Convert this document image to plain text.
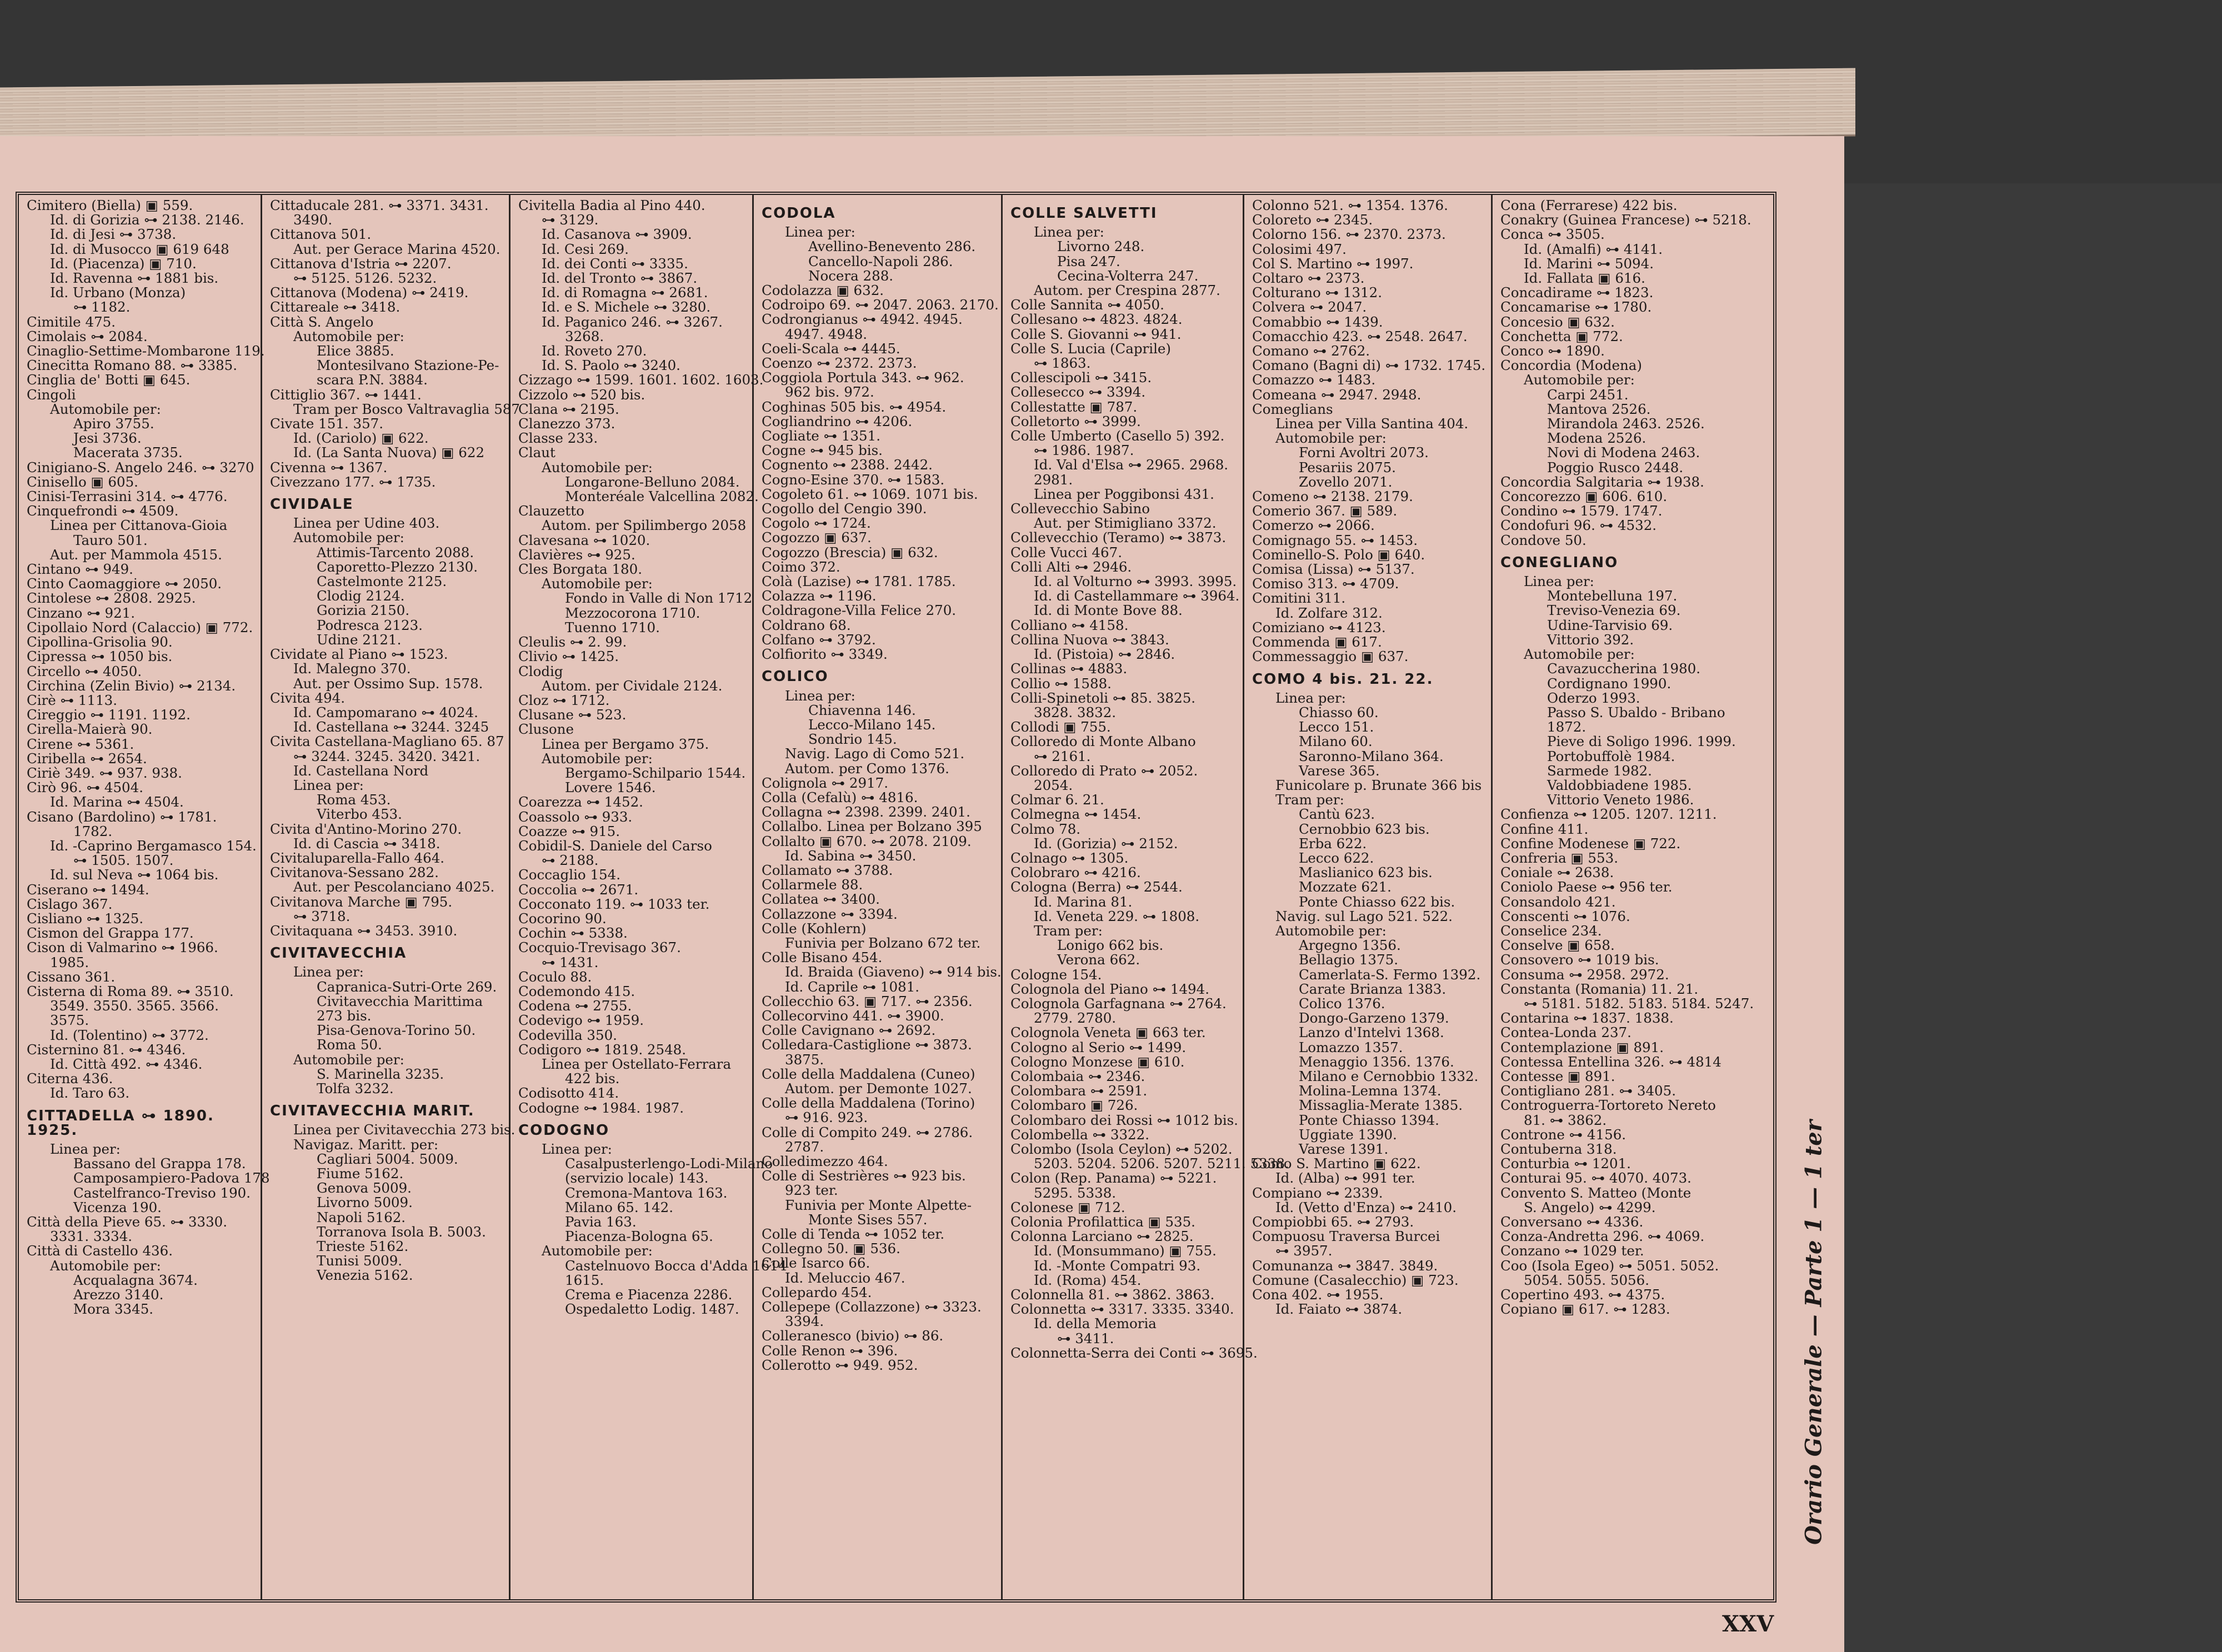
Cimitero (Biella) ▣ 559.
Id. di Gorizia ⊶ 2138. 2146.
Id. di Jesi ⊶ 3738.
Id. di Musocco ▣ 619 648
Id. (Piacenza) ▣ 710.
Id. Ravenna ⊶ 1881 bis.
Id. Urbano (Monza)
⊶ 1182.
Cimitile 475.
Cimolais ⊶ 2084.
Cinaglio-Settime-Mombarone 119.
Cinecitta Romano 88. ⊶ 3385.
Cinglia de' Botti ▣ 645.
Cingoli
Automobile per:
Apiro 3755.
Jesi 3736.
Macerata 3735.
Cinigiano-S. Angelo 246. ⊶ 3270
Cinisello ▣ 605.
Cinisi-Terrasini 314. ⊶ 4776.
Cinquefrondi ⊶ 4509.
Linea per Cittanova-Gioia
Tauro 501.
Aut. per Mammola 4515.
Cintano ⊶ 949.
Cinto Caomaggiore ⊶ 2050.
Cintolese ⊶ 2808. 2925.
Cinzano ⊶ 921.
Cipollaio Nord (Calaccio) ▣ 772.
Cipollina-Grisolia 90.
Cipressa ⊶ 1050 bis.
Circello ⊶ 4050.
Circhina (Zelin Bivio) ⊶ 2134.
Cirè ⊶ 1113.
Cireggio ⊶ 1191. 1192.
Cirella-Maierà 90.
Cirene ⊶ 5361.
Ciribella ⊶ 2654.
Ciriè 349. ⊶ 937. 938.
Cirò 96. ⊶ 4504.
Id. Marina ⊶ 4504.
Cisano (Bardolino) ⊶ 1781.
1782.
Id. -Caprino Bergamasco 154.
⊶ 1505. 1507.
Id. sul Neva ⊶ 1064 bis.
Ciserano ⊶ 1494.
Cislago 367.
Cisliano ⊶ 1325.
Cismon del Grappa 177.
Cison di Valmarino ⊶ 1966.
1985.
Cissano 361.
Cisterna di Roma 89. ⊶ 3510.
3549. 3550. 3565. 3566.
3575.
Id. (Tolentino) ⊶ 3772.
Cisternino 81. ⊶ 4346.
Id. Città 492. ⊶ 4346.
Citerna 436.
Id. Taro 63.
CITTADELLA ⊶ 1890. 1925.
Linea per:
Bassano del Grappa 178.
Camposampiero-Padova 178
Castelfranco-Treviso 190.
Vicenza 190.
Città della Pieve 65. ⊶ 3330.
3331. 3334.
Città di Castello 436.
Automobile per:
Acqualagna 3674.
Arezzo 3140.
Mora 3345.
Cittaducale 281. ⊶ 3371. 3431.
3490.
Cittanova 501.
Aut. per Gerace Marina 4520.
Cittanova d'Istria ⊶ 2207.
⊶ 5125. 5126. 5232.
Cittanova (Modena) ⊶ 2419.
Cittareale ⊶ 3418.
Città S. Angelo
Automobile per:
Elice 3885.
Montesilvano Stazione-Pe-
scara P.N. 3884.
Cittiglio 367. ⊶ 1441.
Tram per Bosco Valtravaglia 587
Civate 151. 357.
Id. (Cariolo) ▣ 622.
Id. (La Santa Nuova) ▣ 622
Civenna ⊶ 1367.
Civezzano 177. ⊶ 1735.
CIVIDALE
Linea per Udine 403.
Automobile per:
Attimis-Tarcento 2088.
Caporetto-Plezzo 2130.
Castelmonte 2125.
Clodig 2124.
Gorizia 2150.
Podresca 2123.
Udine 2121.
Cividate al Piano ⊶ 1523.
Id. Malegno 370.
Aut. per Ossimo Sup. 1578.
Civita 494.
Id. Campomarano ⊶ 4024.
Id. Castellana ⊶ 3244. 3245
Civita Castellana-Magliano 65. 87
⊶ 3244. 3245. 3420. 3421.
Id. Castellana Nord
Linea per:
Roma 453.
Viterbo 453.
Civita d'Antino-Morino 270.
Id. di Cascia ⊶ 3418.
Civitaluparella-Fallo 464.
Civitanova-Sessano 282.
Aut. per Pescolanciano 4025.
Civitanova Marche ▣ 795.
⊶ 3718.
Civitaquana ⊶ 3453. 3910.
CIVITAVECCHIA
Linea per:
Capranica-Sutri-Orte 269.
Civitavecchia Marittima
273 bis.
Pisa-Genova-Torino 50.
Roma 50.
Automobile per:
S. Marinella 3235.
Tolfa 3232.
CIVITAVECCHIA MARIT.
Linea per Civitavecchia 273 bis.
Navigaz. Maritt. per:
Cagliari 5004. 5009.
Fiume 5162.
Genova 5009.
Livorno 5009.
Napoli 5162.
Torranova Isola B. 5003.
Trieste 5162.
Tunisi 5009.
Venezia 5162.
Civitella Badia al Pino 440.
⊶ 3129.
Id. Casanova ⊶ 3909.
Id. Cesi 269.
Id. dei Conti ⊶ 3335.
Id. del Tronto ⊶ 3867.
Id. di Romagna ⊶ 2681.
Id. e S. Michele ⊶ 3280.
Id. Paganico 246. ⊶ 3267.
3268.
Id. Roveto 270.
Id. S. Paolo ⊶ 3240.
Cizzago ⊶ 1599. 1601. 1602. 1603.
Cizzolo ⊶ 520 bis.
Clana ⊶ 2195.
Clanezzo 373.
Classe 233.
Claut
Automobile per:
Longarone-Belluno 2084.
Monteréale Valcellina 2082.
Clauzetto
Autom. per Spilimbergo 2058
Clavesana ⊶ 1020.
Clavières ⊶ 925.
Cles Borgata 180.
Automobile per:
Fondo in Valle di Non 1712
Mezzocorona 1710.
Tuenno 1710.
Cleulis ⊶ 2. 99.
Clivio ⊶ 1425.
Clodig
Autom. per Cividale 2124.
Cloz ⊶ 1712.
Clusane ⊶ 523.
Clusone
Linea per Bergamo 375.
Automobile per:
Bergamo-Schilpario 1544.
Lovere 1546.
Coarezza ⊶ 1452.
Coassolo ⊶ 933.
Coazze ⊶ 915.
Cobidil-S. Daniele del Carso
⊶ 2188.
Coccaglio 154.
Coccolia ⊶ 2671.
Cocconato 119. ⊶ 1033 ter.
Cocorino 90.
Cochin ⊶ 5338.
Cocquio-Trevisago 367.
⊶ 1431.
Coculo 88.
Codemondo 415.
Codena ⊶ 2755.
Codevigo ⊶ 1959.
Codevilla 350.
Codigoro ⊶ 1819. 2548.
Linea per Ostellato-Ferrara
422 bis.
Codisotto 414.
Codogne ⊶ 1984. 1987.
CODOGNO
Linea per:
Casalpusterlengo-Lodi-Milano
(servizio locale) 143.
Cremona-Mantova 163.
Milano 65. 142.
Pavia 163.
Piacenza-Bologna 65.
Automobile per:
Castelnuovo Bocca d'Adda 1614
1615.
Crema e Piacenza 2286.
Ospedaletto Lodig. 1487.
CODOLA
Linea per:
Avellino-Benevento 286.
Cancello-Napoli 286.
Nocera 288.
Codolazza ▣ 632.
Codroipo 69. ⊶ 2047. 2063. 2170.
Codrongianus ⊶ 4942. 4945.
4947. 4948.
Coeli-Scala ⊶ 4445.
Coenzo ⊶ 2372. 2373.
Coggiola Portula 343. ⊶ 962.
962 bis. 972.
Coghinas 505 bis. ⊶ 4954.
Cogliandrino ⊶ 4206.
Cogliate ⊶ 1351.
Cogne ⊶ 945 bis.
Cognento ⊶ 2388. 2442.
Cogno-Esine 370. ⊶ 1583.
Cogoleto 61. ⊶ 1069. 1071 bis.
Cogollo del Cengio 390.
Cogolo ⊶ 1724.
Cogozzo ▣ 637.
Cogozzo (Brescia) ▣ 632.
Coimo 372.
Colà (Lazise) ⊶ 1781. 1785.
Colazza ⊶ 1196.
Coldragone-Villa Felice 270.
Coldrano 68.
Colfano ⊶ 3792.
Colfiorito ⊶ 3349.
COLICO
Linea per:
Chiavenna 146.
Lecco-Milano 145.
Sondrio 145.
Navig. Lago di Como 521.
Autom. per Como 1376.
Colignola ⊶ 2917.
Colla (Cefalù) ⊶ 4816.
Collagna ⊶ 2398. 2399. 2401.
Collalbo. Linea per Bolzano 395
Collalto ▣ 670. ⊶ 2078. 2109.
Id. Sabina ⊶ 3450.
Collamato ⊶ 3788.
Collarmele 88.
Collatea ⊶ 3400.
Collazzone ⊶ 3394.
Colle (Kohlern)
Funivia per Bolzano 672 ter.
Colle Bisano 454.
Id. Braida (Giaveno) ⊶ 914 bis.
Id. Caprile ⊶ 1081.
Collecchio 63. ▣ 717. ⊶ 2356.
Collecorvino 441. ⊶ 3900.
Colle Cavignano ⊶ 2692.
Colledara-Castiglione ⊶ 3873.
3875.
Colle della Maddalena (Cuneo)
Autom. per Demonte 1027.
Colle della Maddalena (Torino)
⊶ 916. 923.
Colle di Compito 249. ⊶ 2786.
2787.
Colledimezzo 464.
Colle di Sestrières ⊶ 923 bis.
923 ter.
Funivia per Monte Alpette-
Monte Sises 557.
Colle di Tenda ⊶ 1052 ter.
Collegno 50. ▣ 536.
Colle Isarco 66.
Id. Meluccio 467.
Collepardo 454.
Collepepe (Collazzone) ⊶ 3323.
3394.
Colleranesco (bivio) ⊶ 86.
Colle Renon ⊶ 396.
Collerotto ⊶ 949. 952.
COLLE SALVETTI
Linea per:
Livorno 248.
Pisa 247.
Cecina-Volterra 247.
Autom. per Crespina 2877.
Colle Sannita ⊶ 4050.
Collesano ⊶ 4823. 4824.
Colle S. Giovanni ⊶ 941.
Colle S. Lucia (Caprile)
⊶ 1863.
Collescipoli ⊶ 3415.
Collesecco ⊶ 3394.
Collestatte ▣ 787.
Colletorto ⊶ 3999.
Colle Umberto (Casello 5) 392.
⊶ 1986. 1987.
Id. Val d'Elsa ⊶ 2965. 2968.
2981.
Linea per Poggibonsi 431.
Collevecchio Sabino
Aut. per Stimigliano 3372.
Collevecchio (Teramo) ⊶ 3873.
Colle Vucci 467.
Colli Alti ⊶ 2946.
Id. al Volturno ⊶ 3993. 3995.
Id. di Castellammare ⊶ 3964.
Id. di Monte Bove 88.
Colliano ⊶ 4158.
Collina Nuova ⊶ 3843.
Id. (Pistoia) ⊶ 2846.
Collinas ⊶ 4883.
Collio ⊶ 1588.
Colli-Spinetoli ⊶ 85. 3825.
3828. 3832.
Collodi ▣ 755.
Colloredo di Monte Albano
⊶ 2161.
Colloredo di Prato ⊶ 2052.
2054.
Colmar 6. 21.
Colmegna ⊶ 1454.
Colmo 78.
Id. (Gorizia) ⊶ 2152.
Colnago ⊶ 1305.
Colobraro ⊶ 4216.
Cologna (Berra) ⊶ 2544.
Id. Marina 81.
Id. Veneta 229. ⊶ 1808.
Tram per:
Lonigo 662 bis.
Verona 662.
Cologne 154.
Colognola del Piano ⊶ 1494.
Colognola Garfagnana ⊶ 2764.
2779. 2780.
Colognola Veneta ▣ 663 ter.
Cologno al Serio ⊶ 1499.
Cologno Monzese ▣ 610.
Colombaia ⊶ 2346.
Colombara ⊶ 2591.
Colombaro ▣ 726.
Colombaro dei Rossi ⊶ 1012 bis.
Colombella ⊶ 3322.
Colombo (Isola Ceylon) ⊶ 5202.
5203. 5204. 5206. 5207. 5211. 5338.
Colon (Rep. Panama) ⊶ 5221.
5295. 5338.
Colonese ▣ 712.
Colonia Profilattica ▣ 535.
Colonna Larciano ⊶ 2825.
Id. (Monsummano) ▣ 755.
Id. -Monte Compatri 93.
Id. (Roma) 454.
Colonnella 81. ⊶ 3862. 3863.
Colonnetta ⊶ 3317. 3335. 3340.
Id. della Memoria
⊶ 3411.
Colonnetta-Serra dei Conti ⊶ 3695.
Colonno 521. ⊶ 1354. 1376.
Coloreto ⊶ 2345.
Colorno 156. ⊶ 2370. 2373.
Colosimi 497.
Col S. Martino ⊶ 1997.
Coltaro ⊶ 2373.
Colturano ⊶ 1312.
Colvera ⊶ 2047.
Comabbio ⊶ 1439.
Comacchio 423. ⊶ 2548. 2647.
Comano ⊶ 2762.
Comano (Bagni di) ⊶ 1732. 1745.
Comazzo ⊶ 1483.
Comeana ⊶ 2947. 2948.
Comeglians
Linea per Villa Santina 404.
Automobile per:
Forni Avoltri 2073.
Pesariis 2075.
Zovello 2071.
Comeno ⊶ 2138. 2179.
Comerio 367. ▣ 589.
Comerzo ⊶ 2066.
Comignago 55. ⊶ 1453.
Cominello-S. Polo ▣ 640.
Comisa (Lissa) ⊶ 5137.
Comiso 313. ⊶ 4709.
Comitini 311.
Id. Zolfare 312.
Comiziano ⊶ 4123.
Commenda ▣ 617.
Commessaggio ▣ 637.
COMO 4 bis. 21. 22.
Linea per:
Chiasso 60.
Lecco 151.
Milano 60.
Saronno-Milano 364.
Varese 365.
Funicolare p. Brunate 366 bis
Tram per:
Cantù 623.
Cernobbio 623 bis.
Erba 622.
Lecco 622.
Maslianico 623 bis.
Mozzate 621.
Ponte Chiasso 622 bis.
Navig. sul Lago 521. 522.
Automobile per:
Argegno 1356.
Bellagio 1375.
Camerlata-S. Fermo 1392.
Carate Brianza 1383.
Colico 1376.
Dongo-Garzeno 1379.
Lanzo d'Intelvi 1368.
Lomazzo 1357.
Menaggio 1356. 1376.
Milano e Cernobbio 1332.
Molina-Lemna 1374.
Missaglia-Merate 1385.
Ponte Chiasso 1394.
Uggiate 1390.
Varese 1391.
Como S. Martino ▣ 622.
Id. (Alba) ⊶ 991 ter.
Compiano ⊶ 2339.
Id. (Vetto d'Enza) ⊶ 2410.
Compiobbi 65. ⊶ 2793.
Compuosu Traversa Burcei
⊶ 3957.
Comunanza ⊶ 3847. 3849.
Comune (Casalecchio) ▣ 723.
Cona 402. ⊶ 1955.
Id. Faiato ⊶ 3874.
Cona (Ferrarese) 422 bis.
Conakry (Guinea Francese) ⊶ 5218.
Conca ⊶ 3505.
Id. (Amalfi) ⊶ 4141.
Id. Marini ⊶ 5094.
Id. Fallata ▣ 616.
Concadirame ⊶ 1823.
Concamarise ⊶ 1780.
Concesio ▣ 632.
Conchetta ▣ 772.
Conco ⊶ 1890.
Concordia (Modena)
Automobile per:
Carpi 2451.
Mantova 2526.
Mirandola 2463. 2526.
Modena 2526.
Novi di Modena 2463.
Poggio Rusco 2448.
Concordia Salgitaria ⊶ 1938.
Concorezzo ▣ 606. 610.
Condino ⊶ 1579. 1747.
Condofuri 96. ⊶ 4532.
Condove 50.
CONEGLIANO
Linea per:
Montebelluna 197.
Treviso-Venezia 69.
Udine-Tarvisio 69.
Vittorio 392.
Automobile per:
Cavazuccherina 1980.
Cordignano 1990.
Oderzo 1993.
Passo S. Ubaldo - Bribano
1872.
Pieve di Soligo 1996. 1999.
Portobuffolè 1984.
Sarmede 1982.
Valdobbiadene 1985.
Vittorio Veneto 1986.
Confienza ⊶ 1205. 1207. 1211.
Confine 411.
Confine Modenese ▣ 722.
Confreria ▣ 553.
Coniale ⊶ 2638.
Coniolo Paese ⊶ 956 ter.
Consandolo 421.
Conscenti ⊶ 1076.
Conselice 234.
Conselve ▣ 658.
Consovero ⊶ 1019 bis.
Consuma ⊶ 2958. 2972.
Constanta (Romania) 11. 21.
⊶ 5181. 5182. 5183. 5184. 5247.
Contarina ⊶ 1837. 1838.
Contea-Londa 237.
Contemplazione ▣ 891.
Contessa Entellina 326. ⊶ 4814
Contesse ▣ 891.
Contigliano 281. ⊶ 3405.
Controguerra-Tortoreto Nereto
81. ⊶ 3862.
Controne ⊶ 4156.
Contuberna 318.
Conturbia ⊶ 1201.
Conturai 95. ⊶ 4070. 4073.
Convento S. Matteo (Monte
S. Angelo) ⊶ 4299.
Conversano ⊶ 4336.
Conza-Andretta 296. ⊶ 4069.
Conzano ⊶ 1029 ter.
Coo (Isola Egeo) ⊶ 5051. 5052.
5054. 5055. 5056.
Copertino 493. ⊶ 4375.
Copiano ▣ 617. ⊶ 1283.	Orario Generale — Parte 1 — 1 ter
XXV
